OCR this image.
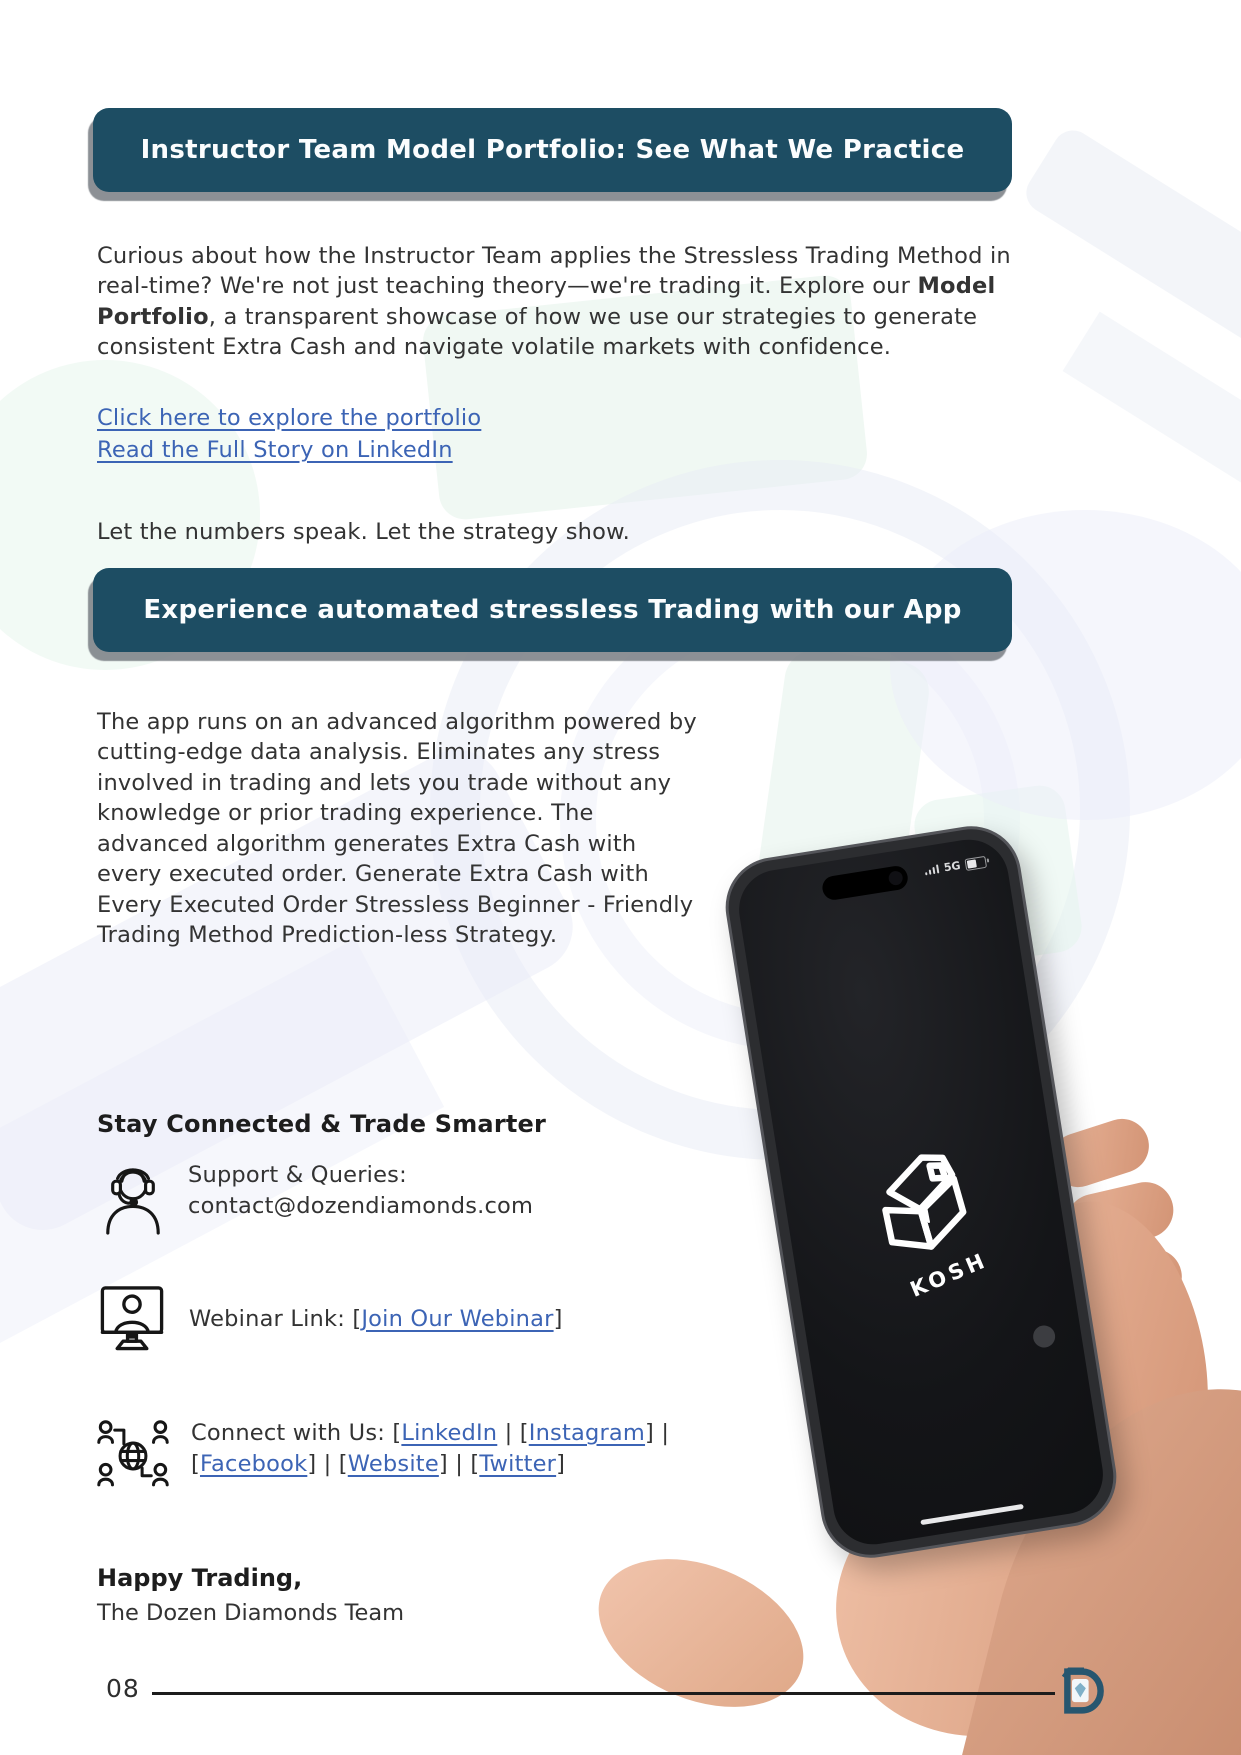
Instructor Team Model Portfolio: See What We Practice

Curious about how the Instructor Team applies the Stressless Trading Method in real-time? We're not just teaching theory—we're trading it. Explore our Model Portfolio, a transparent showcase of how we use our strategies to generate consistent Extra Cash and navigate volatile markets with confidence.

Click here to explore the portfolio
Read the Full Story on LinkedIn

Let the numbers speak. Let the strategy show.

Experience automated stressless Trading with our App

The app runs on an advanced algorithm powered by cutting-edge data analysis. Eliminates any stress involved in trading and lets you trade without any knowledge or prior trading experience. The advanced algorithm generates Extra Cash with every executed order. Generate Extra Cash with Every Executed Order Stressless Beginner - Friendly Trading Method Prediction-less Strategy.

Stay Connected & Trade Smarter
Support & Queries:
contact@dozendiamonds.com
Webinar Link: [Join Our Webinar]
Connect with Us: [LinkedIn | [Instagram] | [Facebook] | [Website] | [Twitter]
Happy Trading,
The Dozen Diamonds Team
5G
KOSH
08
